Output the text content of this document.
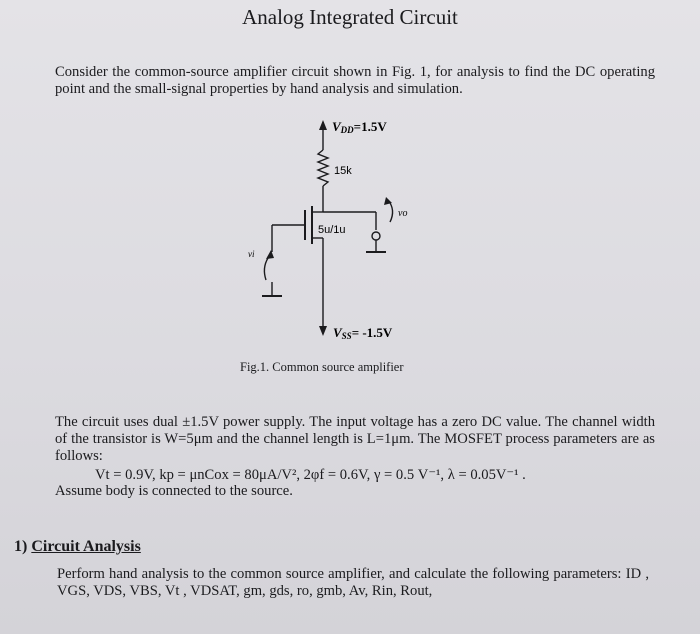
Analog Integrated Circuit
Consider the common-source amplifier circuit shown in Fig. 1, for analysis to find the DC operating point and the small-signal properties by hand analysis and simulation.
VDD=1.5V
15k
5u/1u
vo
vi
VSS= -1.5V
Fig.1. Common source amplifier
The circuit uses dual ±1.5V power supply. The input voltage has a zero DC value. The channel width of the transistor is W=5μm and the channel length is L=1μm. The MOSFET process parameters are as follows:
Vt = 0.9V, kp = μnCox = 80μA/V², 2φf = 0.6V, γ = 0.5 V⁻¹, λ = 0.05V⁻¹ .
Assume body is connected to the source.
1) Circuit Analysis
Perform hand analysis to the common source amplifier, and calculate the following parameters: ID , VGS, VDS, VBS, Vt , VDSAT, gm, gds, ro, gmb, Av, Rin, Rout,
